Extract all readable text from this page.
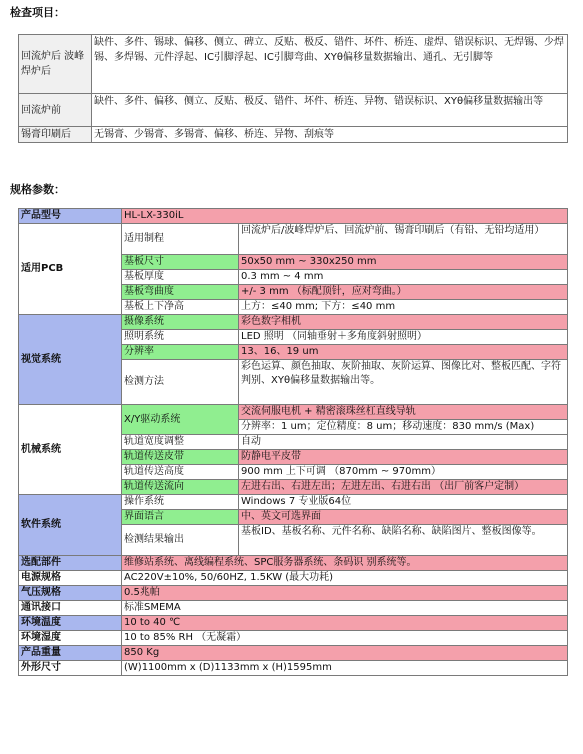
检查项目：

回流炉后 波峰焊炉后	缺件、多件、锡球、偏移、侧立、碑立、反贴、极反、错件、坏件、桥连、虚焊、错误标识、无焊锡、少焊锡、多焊锡、元件浮起、IC引脚浮起、IC引脚弯曲、XYθ偏移量数据输出、通孔、无引脚等
回流炉前	缺件、多件、偏移、侧立、反贴、极反、错件、坏件、桥连、异物、错误标识、XYθ偏移量数据输出等
锡膏印刷后	无锡膏、少锡膏、多锡膏、偏移、桥连、异物、刮痕等

规格参数：

产品型号	HL-LX-330iL	
适用PCB	适用制程	回流炉后/波峰焊炉后、回流炉前、锡膏印刷后（有铅、无铅均适用）
	基板尺寸	50x50 mm ~ 330x250 mm
	基板厚度	0.3 mm ~ 4 mm
	基板弯曲度	+/- 3 mm （标配顶针，应对弯曲。）
	基板上下净高	上方：≤40 mm; 下方：≤40 mm
视觉系统	摄像系统	彩色数字相机
	照明系统	LED 照明 （同轴垂射＋多角度斜射照明）
	分辨率	13、16、19 um
	检测方法	彩色运算、颜色抽取、灰阶抽取、灰阶运算、图像比对、整板匹配、字符判别、XYθ偏移量数据输出等。
机械系统	X/Y驱动系统	交流伺服电机 + 精密滚珠丝杠直线导轨
		分辨率：1 um；定位精度：8 um；移动速度：830 mm/s (Max)
	轨道宽度调整	自动
	轨道传送皮带	防静电平皮带
	轨道传送高度	900 mm 上下可调 （870mm ~ 970mm）
	轨道传送流向	左进右出、右进左出；左进左出、右进右出 （出厂前客户定制）
软件系统	操作系统	Windows 7 专业版64位
	界面语言	中、英文可选界面
	检测结果输出	基板ID、基板名称、元件名称、缺陷名称、缺陷图片、整板图像等。
选配部件	维修站系统、离线编程系统、SPC服务器系统、条码识 别系统等。	
电源规格	AC220V±10%, 50/60HZ, 1.5KW (最大功耗)	
气压规格	0.5兆帕	
通讯接口	标准SMEMA	
环境温度	10 to 40 ℃	
环境湿度	10 to 85% RH （无凝霜）	
产品重量	850 Kg	
外形尺寸	(W)1100mm x (D)1133mm x (H)1595mm	
